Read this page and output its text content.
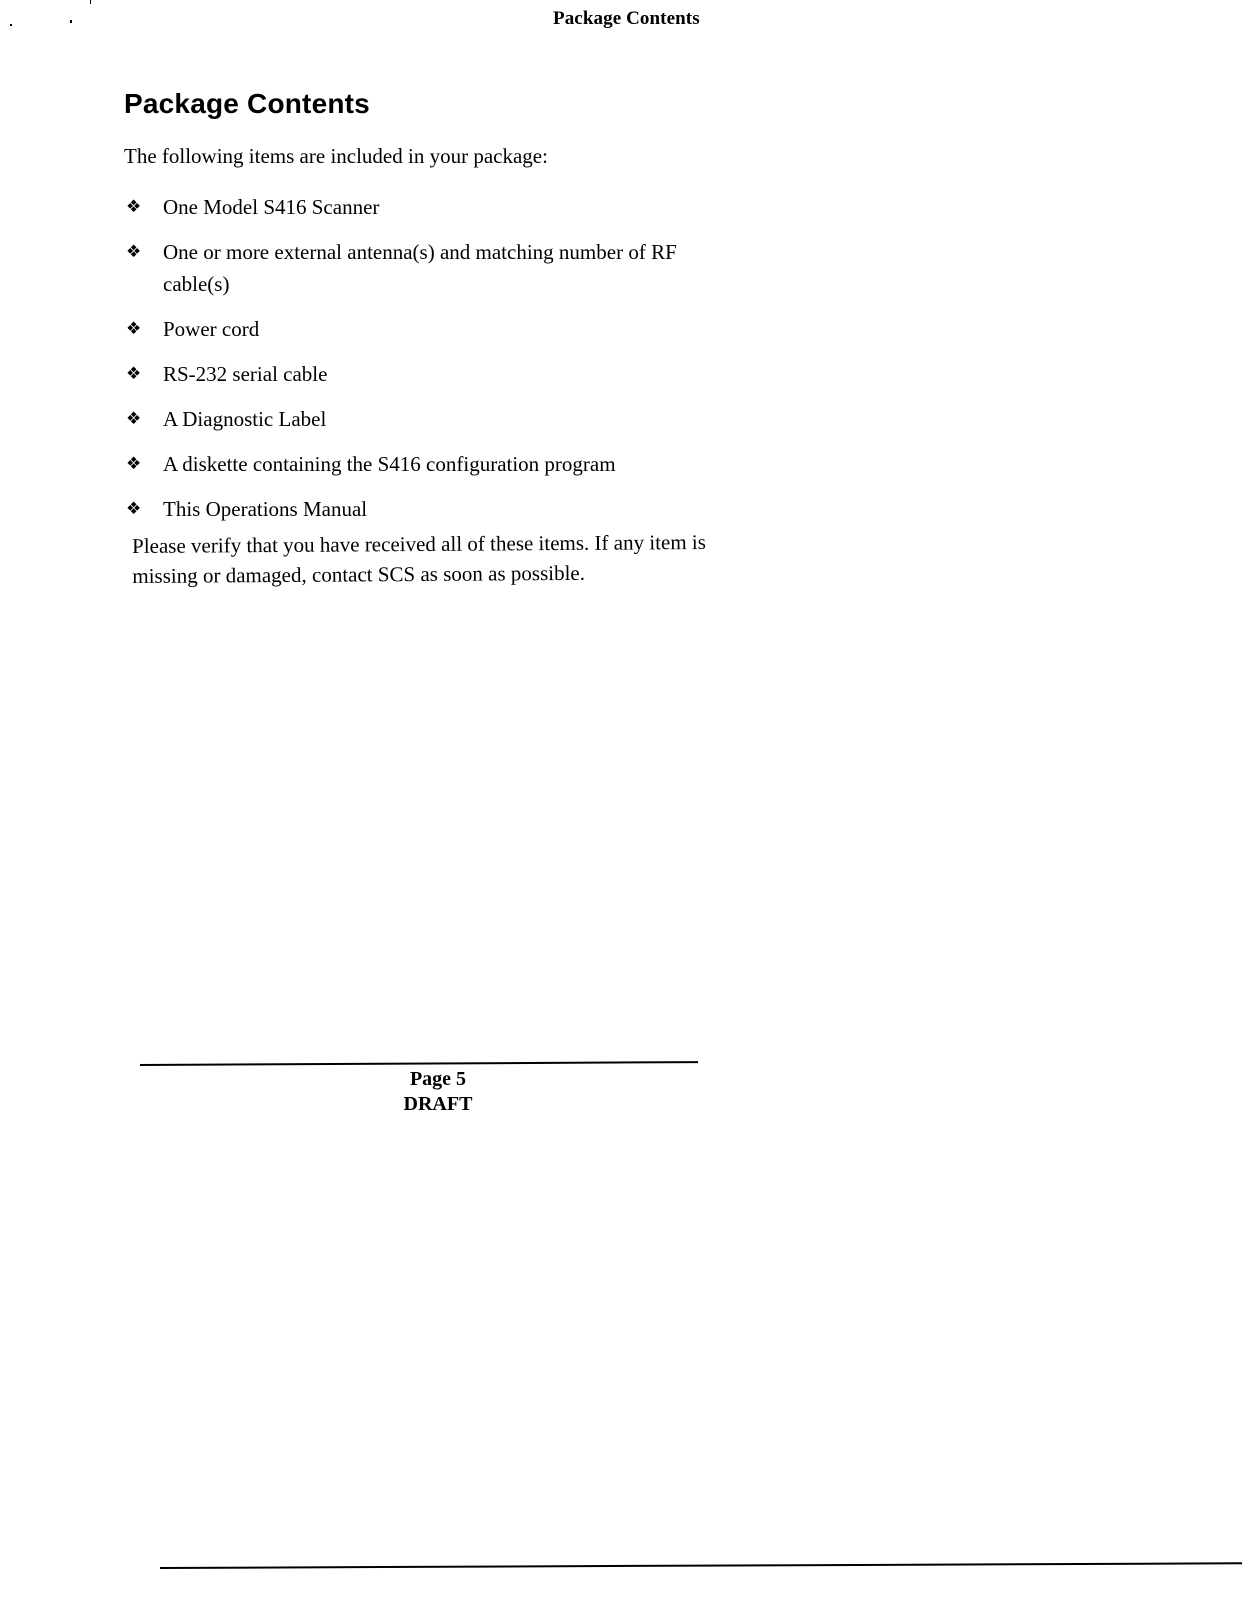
Package Contents
Package Contents

The following items are included in your package:

❖	One Model S416 Scanner
❖	One or more external antenna(s) and matching number of RF cable(s)
❖	Power cord
❖	RS-232 serial cable
❖	A Diagnostic Label
❖	A diskette containing the S416 configuration program
❖	This Operations Manual

Please verify that you have received all of these items. If any item is missing or damaged, contact SCS as soon as possible.

Page 5
DRAFT
